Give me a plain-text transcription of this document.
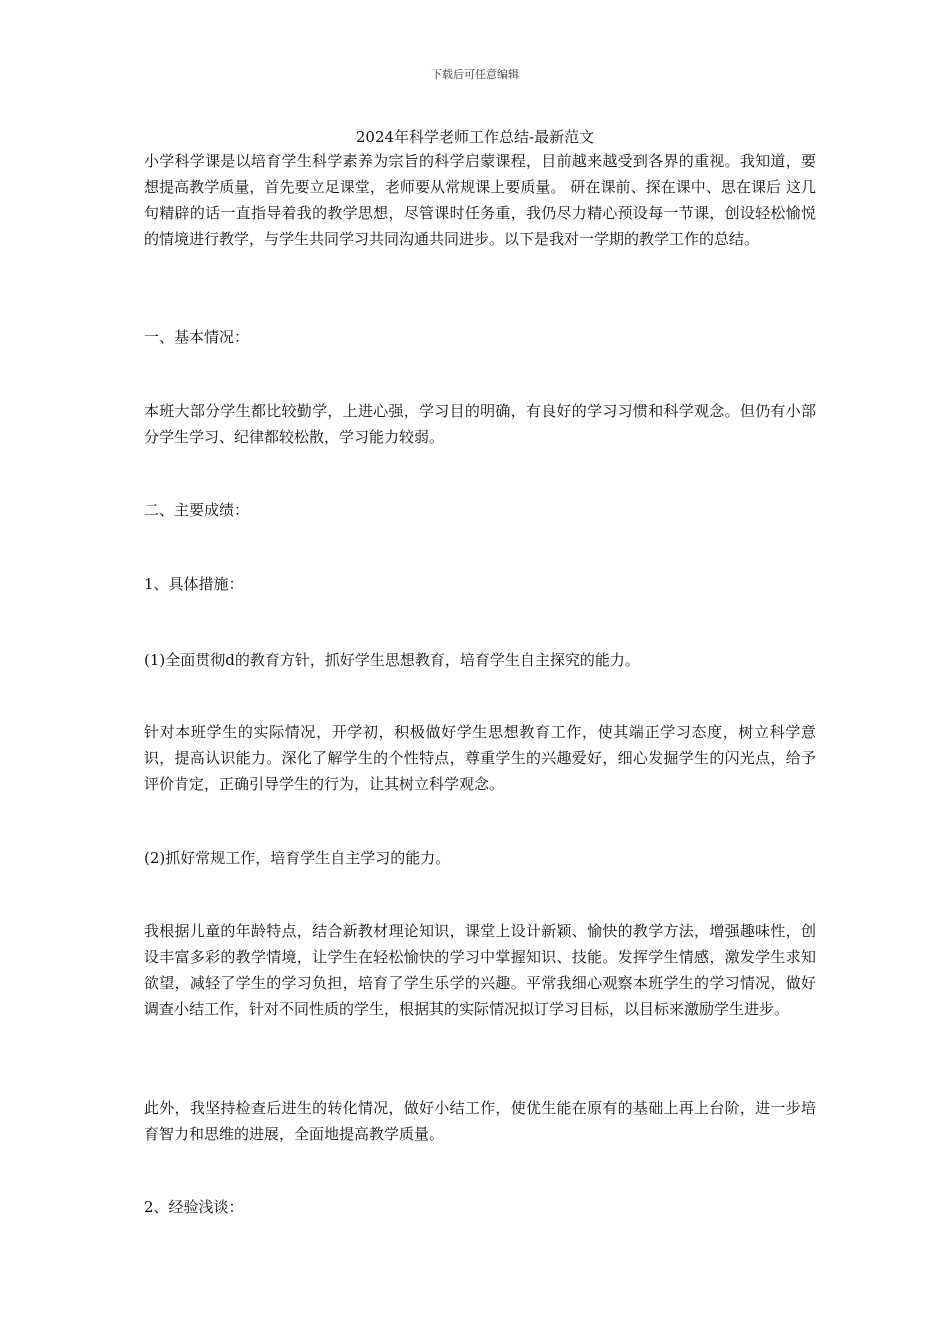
下载后可任意编辑
2024年科学老师工作总结-最新范文

小学科学课是以培育学生科学素养为宗旨的科学启蒙课程，目前越来越受到各界的重视。我知道，要想提高教学质量，首先要立足课堂，老师要从常规课上要质量。 研在课前、探在课中、思在课后 这几句精辟的话一直指导着我的教学思想，尽管课时任务重，我仍尽力精心预设每一节课，创设轻松愉悦的情境进行教学，与学生共同学习共同沟通共同进步。以下是我对一学期的教学工作的总结。

一、基本情况：

本班大部分学生都比较勤学，上进心强，学习目的明确，有良好的学习习惯和科学观念。但仍有小部分学生学习、纪律都较松散，学习能力较弱。

二、主要成绩：

1、具体措施：

(1)全面贯彻d的教育方针，抓好学生思想教育，培育学生自主探究的能力。

针对本班学生的实际情况，开学初，积极做好学生思想教育工作，使其端正学习态度，树立科学意识，提高认识能力。深化了解学生的个性特点，尊重学生的兴趣爱好，细心发掘学生的闪光点，给予评价肯定，正确引导学生的行为，让其树立科学观念。

(2)抓好常规工作，培育学生自主学习的能力。

我根据儿童的年龄特点，结合新教材理论知识，课堂上设计新颖、愉快的教学方法，增强趣味性，创设丰富多彩的教学情境，让学生在轻松愉快的学习中掌握知识、技能。发挥学生情感，激发学生求知欲望，减轻了学生的学习负担，培育了学生乐学的兴趣。平常我细心观察本班学生的学习情况，做好调查小结工作，针对不同性质的学生，根据其的实际情况拟订学习目标，以目标来激励学生进步。

此外，我坚持检查后进生的转化情况，做好小结工作，使优生能在原有的基础上再上台阶，进一步培育智力和思维的进展，全面地提高教学质量。

2、经验浅谈：
